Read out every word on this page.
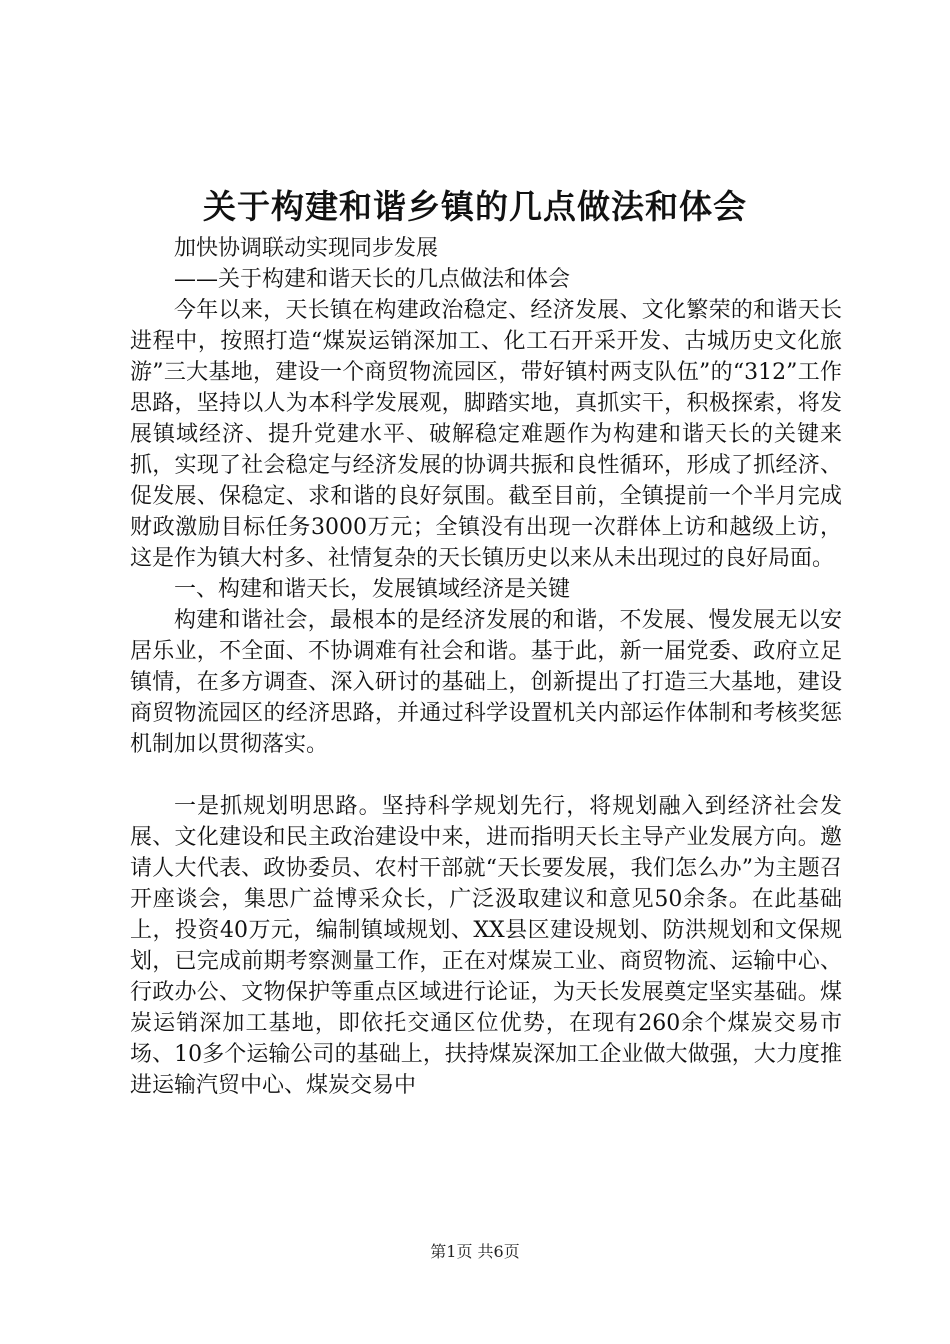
关于构建和谐乡镇的几点做法和体会

加快协调联动实现同步发展

——关于构建和谐天长的几点做法和体会

今年以来，天长镇在构建政治稳定、经济发展、文化繁荣的和谐天长进程中，按照打造“煤炭运销深加工、化工石开采开发、古城历史文化旅游”三大基地，建设一个商贸物流园区，带好镇村两支队伍”的“312”工作思路，坚持以人为本科学发展观，脚踏实地，真抓实干，积极探索，将发展镇域经济、提升党建水平、破解稳定难题作为构建和谐天长的关键来抓，实现了社会稳定与经济发展的协调共振和良性循环，形成了抓经济、促发展、保稳定、求和谐的良好氛围。截至目前，全镇提前一个半月完成财政激励目标任务3000万元；全镇没有出现一次群体上访和越级上访，这是作为镇大村多、社情复杂的天长镇历史以来从未出现过的良好局面。

一、构建和谐天长，发展镇域经济是关键

构建和谐社会，最根本的是经济发展的和谐，不发展、慢发展无以安居乐业，不全面、不协调难有社会和谐。基于此，新一届党委、政府立足镇情，在多方调查、深入研讨的基础上，创新提出了打造三大基地，建设商贸物流园区的经济思路，并通过科学设置机关内部运作体制和考核奖惩机制加以贯彻落实。

一是抓规划明思路。坚持科学规划先行，将规划融入到经济社会发展、文化建设和民主政治建设中来，进而指明天长主导产业发展方向。邀请人大代表、政协委员、农村干部就“天长要发展，我们怎么办”为主题召开座谈会，集思广益博采众长，广泛汲取建议和意见50余条。在此基础上，投资40万元，编制镇域规划、XX县区建设规划、防洪规划和文保规划，已完成前期考察测量工作，正在对煤炭工业、商贸物流、运输中心、行政办公、文物保护等重点区域进行论证，为天长发展奠定坚实基础。煤炭运销深加工基地，即依托交通区位优势，在现有260余个煤炭交易市场、10多个运输公司的基础上，扶持煤炭深加工企业做大做强，大力度推进运输汽贸中心、煤炭交易中

第1页 共6页
